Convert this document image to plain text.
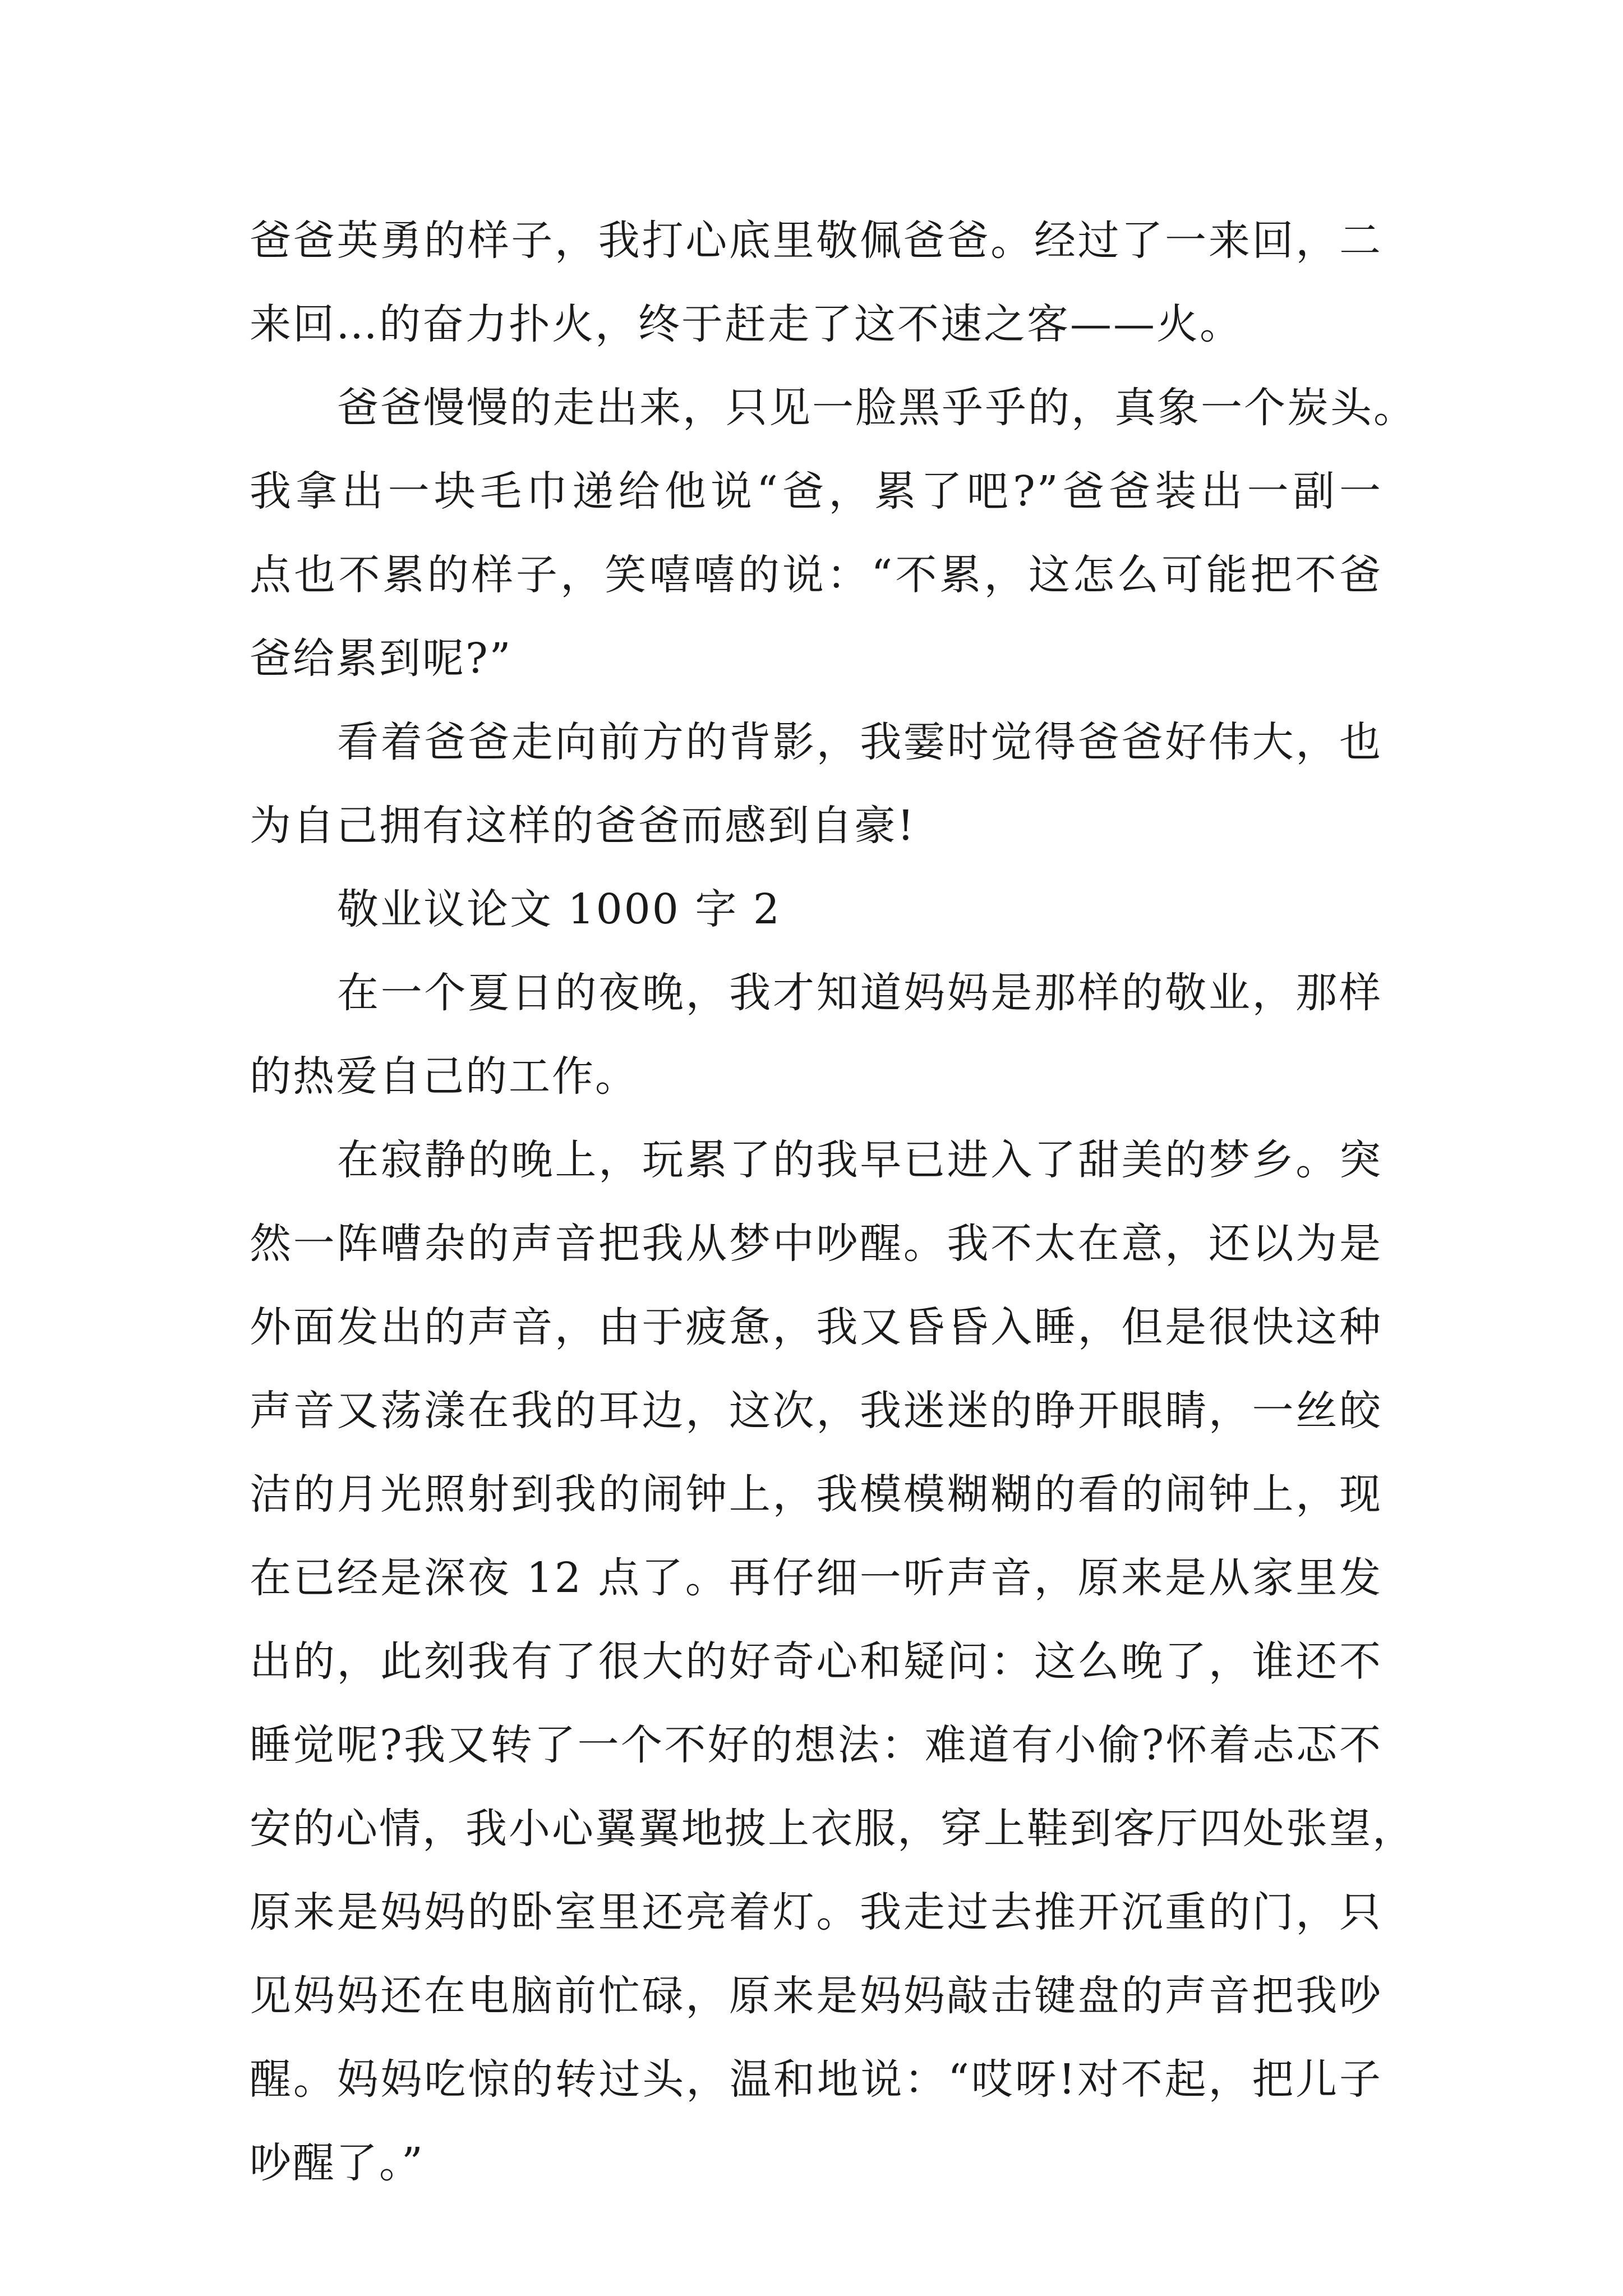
爸爸英勇的样子，我打心底里敬佩爸爸。经过了一来回，二
来回…的奋力扑火，终于赶走了这不速之客——火。
爸爸慢慢的走出来，只见一脸黑乎乎的，真象一个炭头。
我拿出一块毛巾递给他说“爸，累了吧?”爸爸装出一副一
点也不累的样子，笑嘻嘻的说：“不累，这怎么可能把不爸
爸给累到呢?”
看着爸爸走向前方的背影，我霎时觉得爸爸好伟大，也
为自己拥有这样的爸爸而感到自豪!
敬业议论文 1000 字 2
在一个夏日的夜晚，我才知道妈妈是那样的敬业，那样
的热爱自己的工作。
在寂静的晚上，玩累了的我早已进入了甜美的梦乡。突
然一阵嘈杂的声音把我从梦中吵醒。我不太在意，还以为是
外面发出的声音，由于疲惫，我又昏昏入睡，但是很快这种
声音又荡漾在我的耳边，这次，我迷迷的睁开眼睛，一丝皎
洁的月光照射到我的闹钟上，我模模糊糊的看的闹钟上，现
在已经是深夜 12 点了。再仔细一听声音，原来是从家里发
出的，此刻我有了很大的好奇心和疑问：这么晚了，谁还不
睡觉呢?我又转了一个不好的想法：难道有小偷?怀着忐忑不
安的心情，我小心翼翼地披上衣服，穿上鞋到客厅四处张望，
原来是妈妈的卧室里还亮着灯。我走过去推开沉重的门，只
见妈妈还在电脑前忙碌，原来是妈妈敲击键盘的声音把我吵
醒。妈妈吃惊的转过头，温和地说：“哎呀!对不起，把儿子
吵醒了。”
